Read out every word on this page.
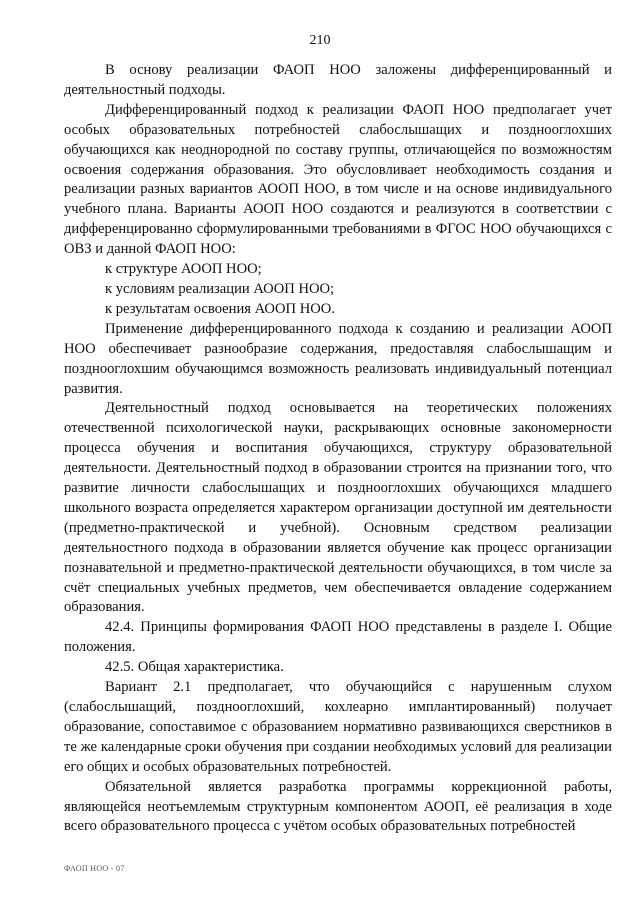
210

В основу реализации ФАОП НОО заложены дифференцированный и деятельностный подходы.

Дифференцированный подход к реализации ФАОП НОО предполагает учет особых образовательных потребностей слабослышащих и позднооглохших обучающихся как неоднородной по составу группы, отличающейся по возможностям освоения содержания образования. Это обусловливает необходимость создания и реализации разных вариантов АООП НОО, в том числе и на основе индивидуального учебного плана. Варианты АООП НОО создаются и реализуются в соответствии с дифференцированно сформулированными требованиями в ФГОС НОО обучающихся с ОВЗ и данной ФАОП НОО:

к структуре АООП НОО;

к условиям реализации АООП НОО;

к результатам освоения АООП НОО.

Применение дифференцированного подхода к созданию и реализации АООП НОО обеспечивает разнообразие содержания, предоставляя слабослышащим и позднооглохшим обучающимся возможность реализовать индивидуальный потенциал развития.

Деятельностный подход основывается на теоретических положениях отечественной психологической науки, раскрывающих основные закономерности процесса обучения и воспитания обучающихся, структуру образовательной деятельности. Деятельностный подход в образовании строится на признании того, что развитие личности слабослышащих и позднооглохших обучающихся младшего школьного возраста определяется характером организации доступной им деятельности (предметно-практической и учебной). Основным средством реализации деятельностного подхода в образовании является обучение как процесс организации познавательной и предметно-практической деятельности обучающихся, в том числе за счёт специальных учебных предметов, чем обеспечивается овладение содержанием образования.

42.4. Принципы формирования ФАОП НОО представлены в разделе I. Общие положения.

42.5. Общая характеристика.

Вариант 2.1 предполагает, что обучающийся с нарушенным слухом (слабослышащий, позднооглохший, кохлеарно имплантированный) получает образование, сопоставимое с образованием нормативно развивающихся сверстников в те же календарные сроки обучения при создании необходимых условий для реализации его общих и особых образовательных потребностей.

Обязательной является разработка программы коррекционной работы, являющейся неотъемлемым структурным компонентом АООП, её реализация в ходе всего образовательного процесса с учётом особых образовательных потребностей

ФАОП НОО - 07
